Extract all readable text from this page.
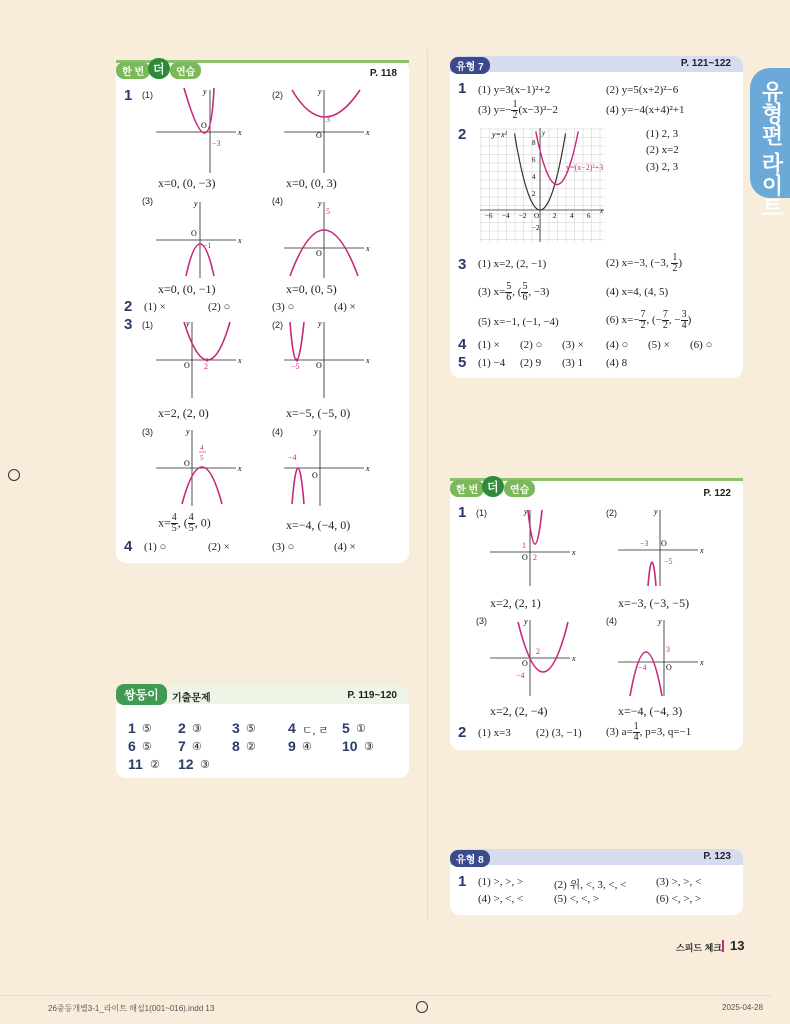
유형편 라이트
한 번 더	연습	P. 118
1 (1)
x
y
O
−3
(2)
x
y
O
3
x=0, (0, −3)	x=0, (0, 3)
(3)
x
y
O
−1
(4)
x
y
O
5
x=0, (0, −1)	x=0, (0, 5)
2 (1) ×	(2) ○	(3) ○	(4) ×
3 (1)
x
y
O 2
(2)
x
y
O
−5
x=2, (2, 0)	x=−5, (−5, 0)
(3)
x
y
O
4
5
(4)
x
y
O
−4
$x= \frac{4}{5}$ , ( $\frac{4}{5}$ , 0)	x=−4, (−4, 0)
4 (1) ○	(2) ×	(3) ○	(4) ×
쌍둥이	기출문제	P. 119~120
1 ⑤ 2 ③ 3 ⑤ 4 ㄷ, ㄹ 5 ①
6 ⑤ 7 ④ 8 ② 9 ④ 10 ③
11 ② 12 ③
유형 7	P. 121~122
1 (1) y=3(x−1)²+2	(2) y=5(x+2)²−6
(3) $y=- \frac{1}{2} (x-3)^2-2$	(4) y=−4(x+4)²+1
2
−6 −4 −2	2 4 6
2
4
6
8
−2
O
x
y
y=x²
y=(x−2)²+3
(1) 2, 3
(2) x=2
(3) 2, 3
3 (1) x=2, (2, −1)	(2) x=−3, (−3, $\frac{1}{2}$ )
(3) $x= \frac{5}{6}$ , ( $\frac{5}{6}$ , −3)	(4) x=4, (4, 5)
(5) x=−1, (−1, −4)	(6) $x=- \frac{7}{2}$ , (− $\frac{7}{2}$ , − $\frac{3}{4}$ )
4 (1) × (2) ○ (3) × (4) ○ (5) × (6) ○
5 (1) −4 (2) 9 (3) 1 (4) 8
한 번 더	연습	P. 122
1 (1)
x
y
O
1
2
(2)
x
y
O
−3
−5
x=2, (2, 1)	x=−3, (−3, −5)
(3)
x
y
O
2
−4
(4)
x
y
O
3
−4
x=2, (2, −4)	x=−4, (−4, 3)
2 (1) x=3 (2) (3, −1) (3) $a= \frac{1}{4}$ , p=3, q=−1
유형 8	P. 123
1 (1) >, >, >	(2) 위, <, 3, <, <	(3) >, >, <
(4) >, <, <	(5) <, <, >	(6) <, >, >
스피드 체크 13
26중등개별3-1_라이트 해설1(001~016).indd 13	2025-04-28
